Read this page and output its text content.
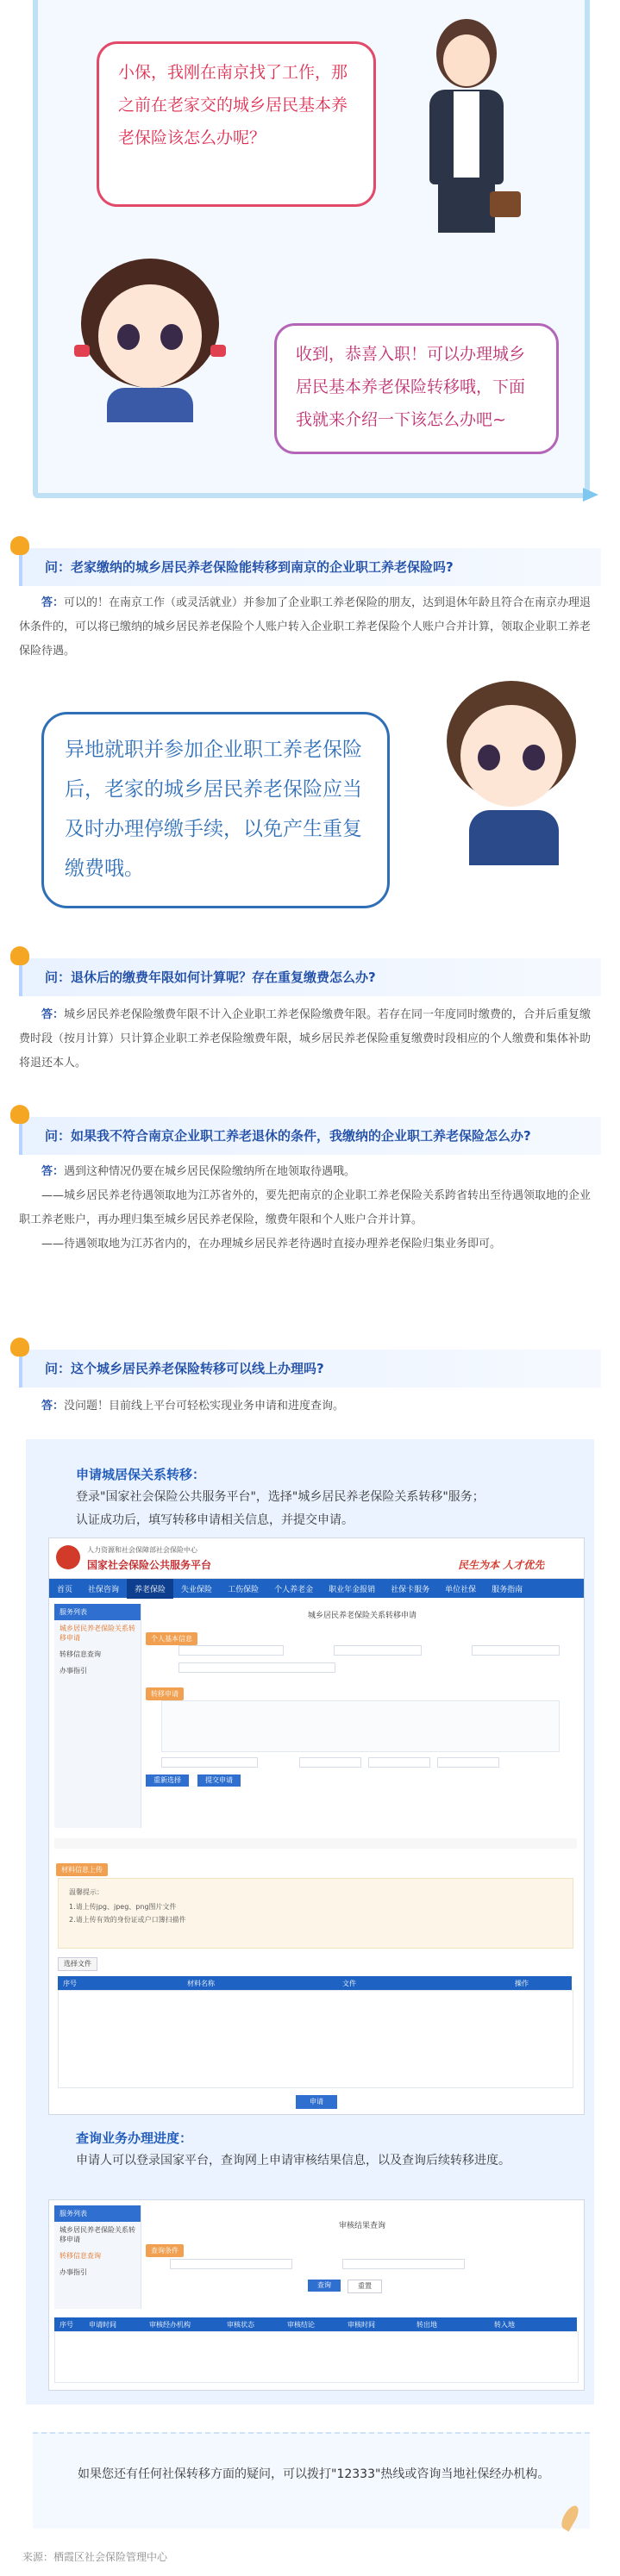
小保，我刚在南京找了工作，那之前在老家交的城乡居民基本养老保险该怎么办呢？
收到，恭喜入职！可以办理城乡居民基本养老保险转移哦，下面我就来介绍一下该怎么办吧~
问：老家缴纳的城乡居民养老保险能转移到南京的企业职工养老保险吗?

答：可以的！在南京工作（或灵活就业）并参加了企业职工养老保险的朋友，达到退休年龄且符合在南京办理退休条件的，可以将已缴纳的城乡居民养老保险个人账户转入企业职工养老保险个人账户合并计算，领取企业职工养老保险待遇。

异地就职并参加企业职工养老保险后，老家的城乡居民养老保险应当及时办理停缴手续，以免产生重复缴费哦。
问：退休后的缴费年限如何计算呢？存在重复缴费怎么办?

答：城乡居民养老保险缴费年限不计入企业职工养老保险缴费年限。若存在同一年度同时缴费的，合并后重复缴费时段（按月计算）只计算企业职工养老保险缴费年限，城乡居民养老保险重复缴费时段相应的个人缴费和集体补助将退还本人。

问：如果我不符合南京企业职工养老退休的条件，我缴纳的企业职工养老保险怎么办?

答：遇到这种情况仍要在城乡居民保险缴纳所在地领取待遇哦。

——城乡居民养老待遇领取地为江苏省外的，要先把南京的企业职工养老保险关系跨省转出至待遇领取地的企业职工养老账户，再办理归集至城乡居民养老保险，缴费年限和个人账户合并计算。

——待遇领取地为江苏省内的，在办理城乡居民养老待遇时直接办理养老保险归集业务即可。

问：这个城乡居民养老保险转移可以线上办理吗?

答：没问题！目前线上平台可轻松实现业务申请和进度查询。

申请城居保关系转移：
登录"国家社会保险公共服务平台"，选择"城乡居民养老保险关系转移"服务；
认证成功后，填写转移申请相关信息，并提交申请。
人力资源和社会保障部社会保险中心
国家社会保险公共服务平台	民生为本 人才优先
首页 社保咨询 养老保险 失业保险 工伤保险 个人养老金 职业年金报销 社保卡服务 单位社保 服务指南
服务列表
城乡居民养老保险关系转移申请
转移信息查询
办事指引
城乡居民养老保险关系转移申请
个人基本信息
转移申请
重新选择	提交申请
材料信息上传
温馨提示：
1.请上传jpg、jpeg、png图片文件
2.请上传有效的身份证或户口簿扫描件
选择文件
序号	材料名称	文件	操作
申请
查询业务办理进度：
申请人可以登录国家平台，查询网上申请审核结果信息，以及查询后续转移进度。
服务列表
城乡居民养老保险关系转移申请
转移信息查询
办事指引
审核结果查询
查询条件
查询	重置
序号 申请时间	审核经办机构	审核状态	审核结论	审核时间	转出地	转入地
如果您还有任何社保转移方面的疑问，可以拨打"12333"热线或咨询当地社保经办机构。
来源：栖霞区社会保险管理中心
